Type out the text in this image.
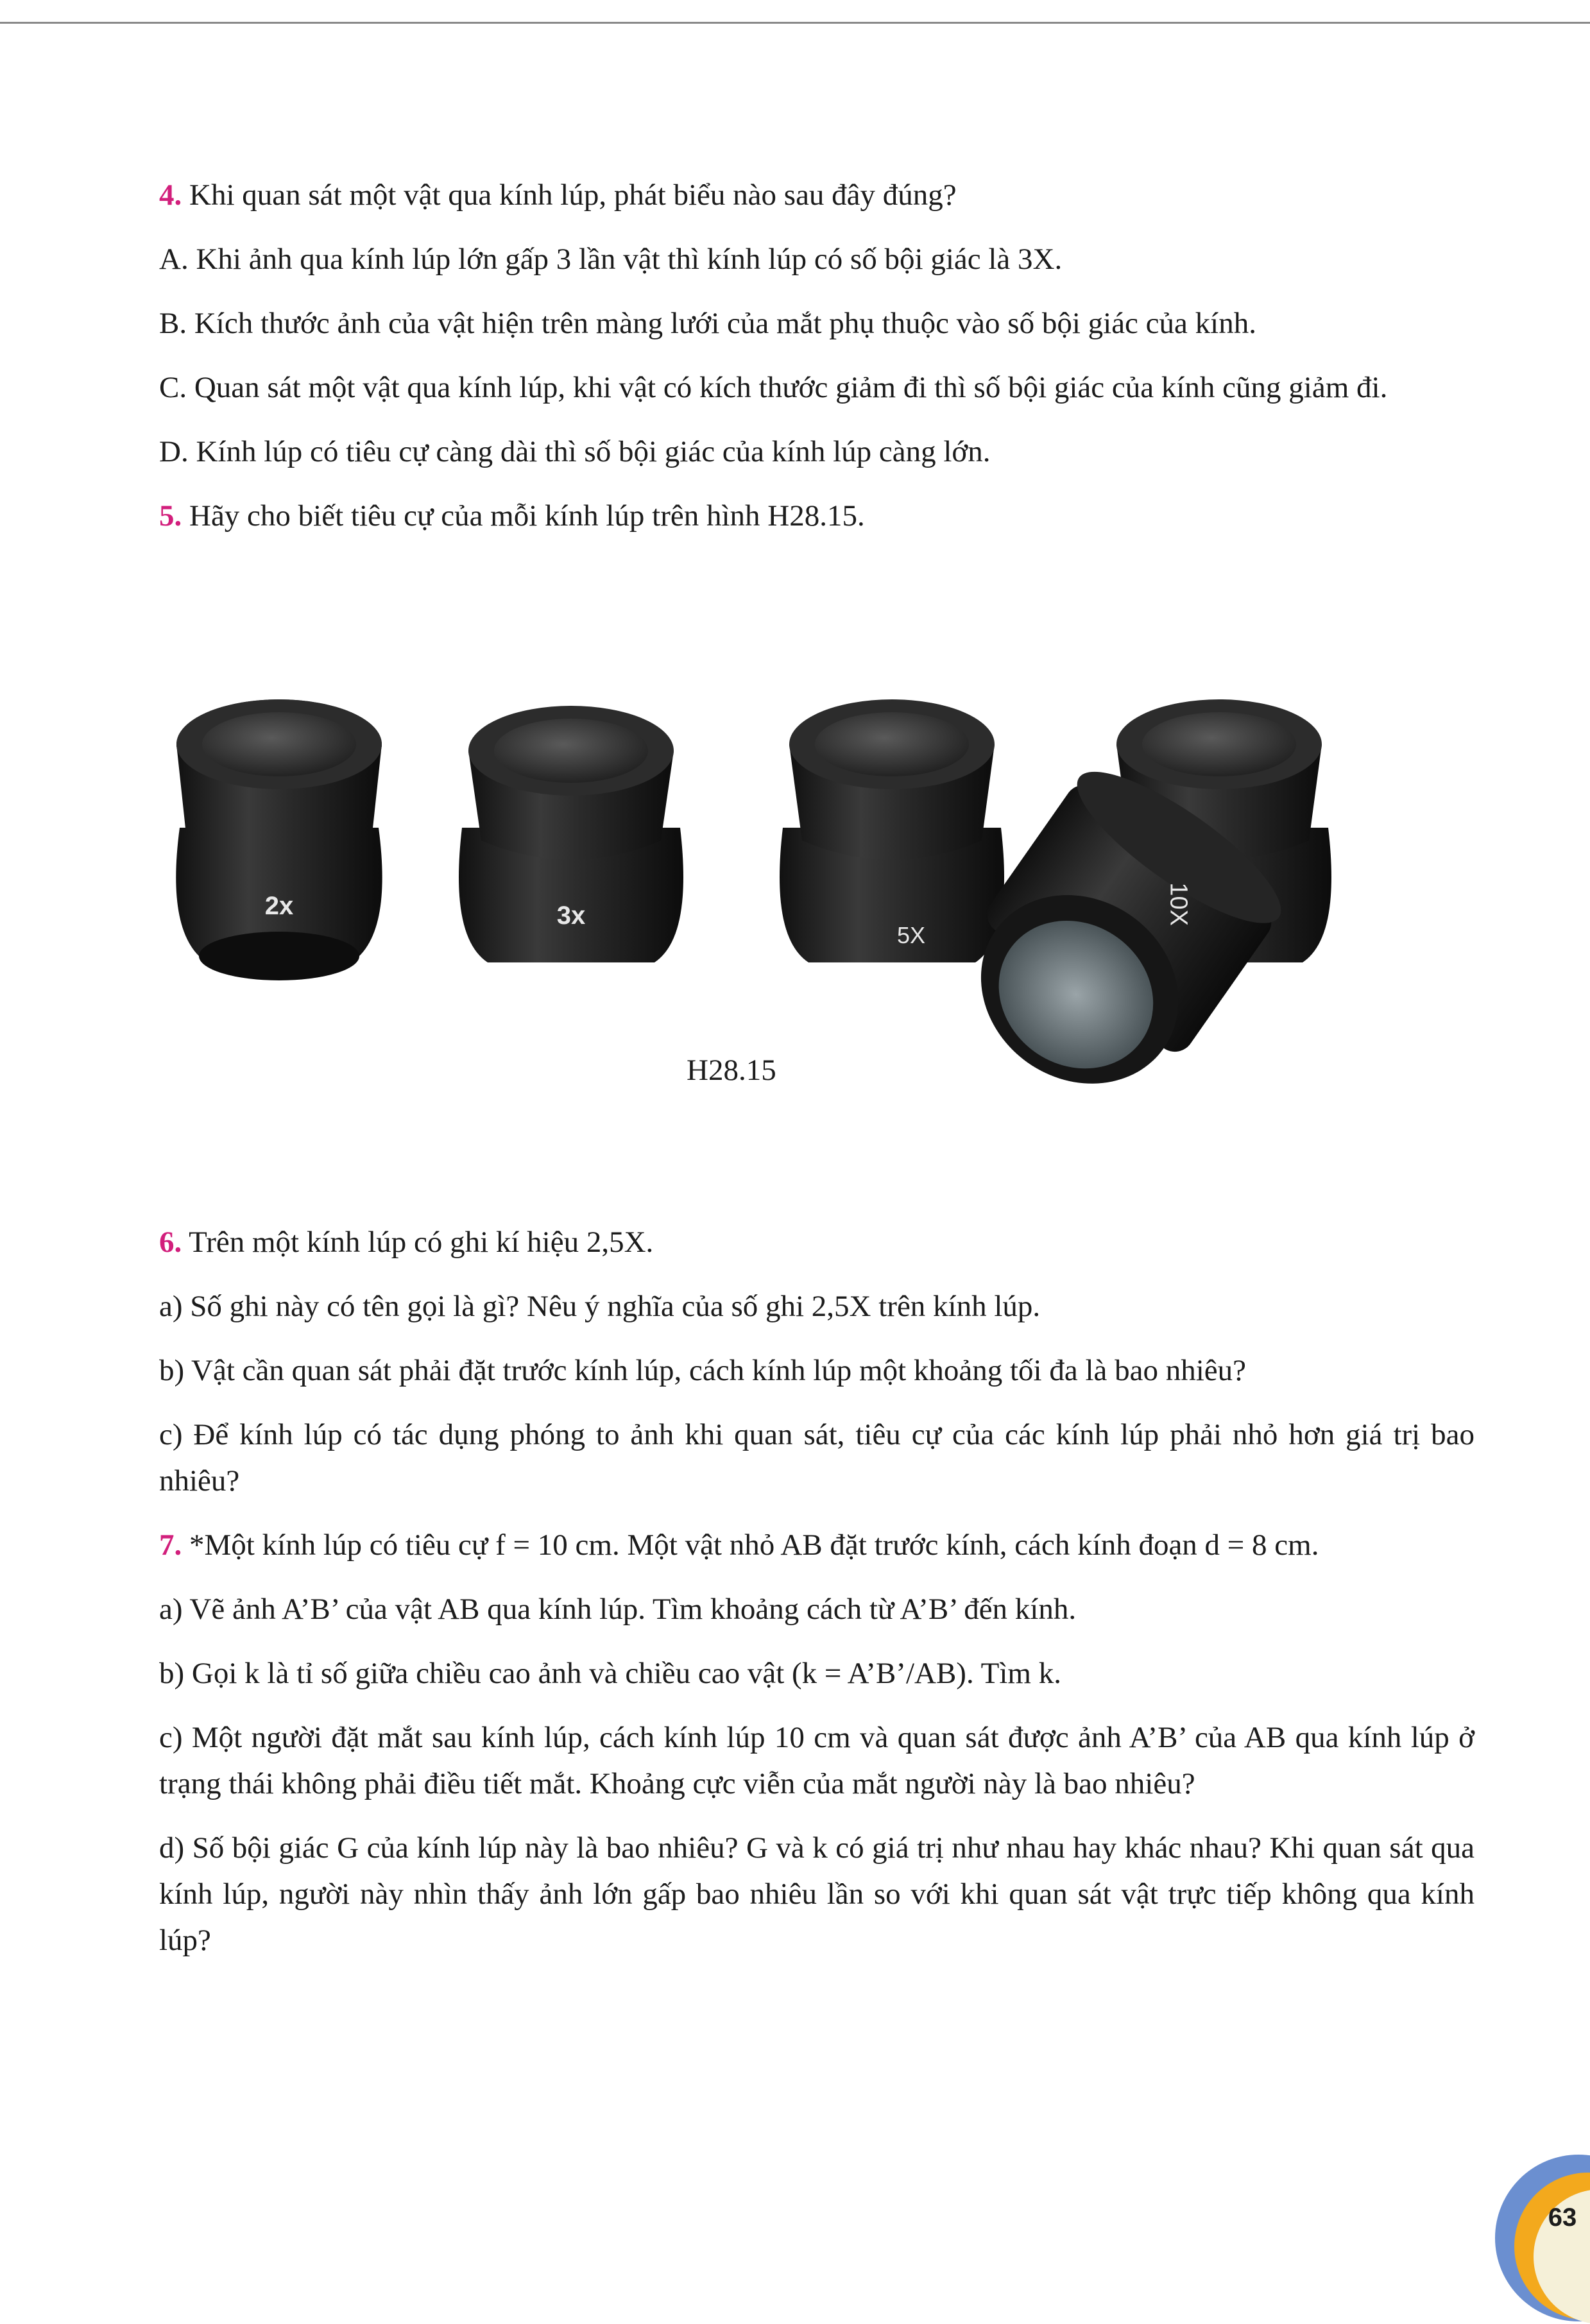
4. Khi quan sát một vật qua kính lúp, phát biểu nào sau đây đúng?

A. Khi ảnh qua kính lúp lớn gấp 3 lần vật thì kính lúp có số bội giác là 3X.

B. Kích thước ảnh của vật hiện trên màng lưới của mắt phụ thuộc vào số bội giác của kính.

C. Quan sát một vật qua kính lúp, khi vật có kích thước giảm đi thì số bội giác của kính cũng giảm đi.

D. Kính lúp có tiêu cự càng dài thì số bội giác của kính lúp càng lớn.

5. Hãy cho biết tiêu cự của mỗi kính lúp trên hình H28.15.

2x	3x
5X
10X
H28.15

6. Trên một kính lúp có ghi kí hiệu 2,5X.

a) Số ghi này có tên gọi là gì? Nêu ý nghĩa của số ghi 2,5X trên kính lúp.

b) Vật cần quan sát phải đặt trước kính lúp, cách kính lúp một khoảng tối đa là bao nhiêu?

c) Để kính lúp có tác dụng phóng to ảnh khi quan sát, tiêu cự của các kính lúp phải nhỏ hơn giá trị bao nhiêu?

7. *Một kính lúp có tiêu cự f = 10 cm. Một vật nhỏ AB đặt trước kính, cách kính đoạn d = 8 cm.

a) Vẽ ảnh A’B’ của vật AB qua kính lúp. Tìm khoảng cách từ A’B’ đến kính.

b) Gọi k là tỉ số giữa chiều cao ảnh và chiều cao vật (k = A’B’/AB). Tìm k.

c) Một người đặt mắt sau kính lúp, cách kính lúp 10 cm và quan sát được ảnh A’B’ của AB qua kính lúp ở trạng thái không phải điều tiết mắt. Khoảng cực viễn của mắt người này là bao nhiêu?

d) Số bội giác G của kính lúp này là bao nhiêu? G và k có giá trị như nhau hay khác nhau? Khi quan sát qua kính lúp, người này nhìn thấy ảnh lớn gấp bao nhiêu lần so với khi quan sát vật trực tiếp không qua kính lúp?

63
